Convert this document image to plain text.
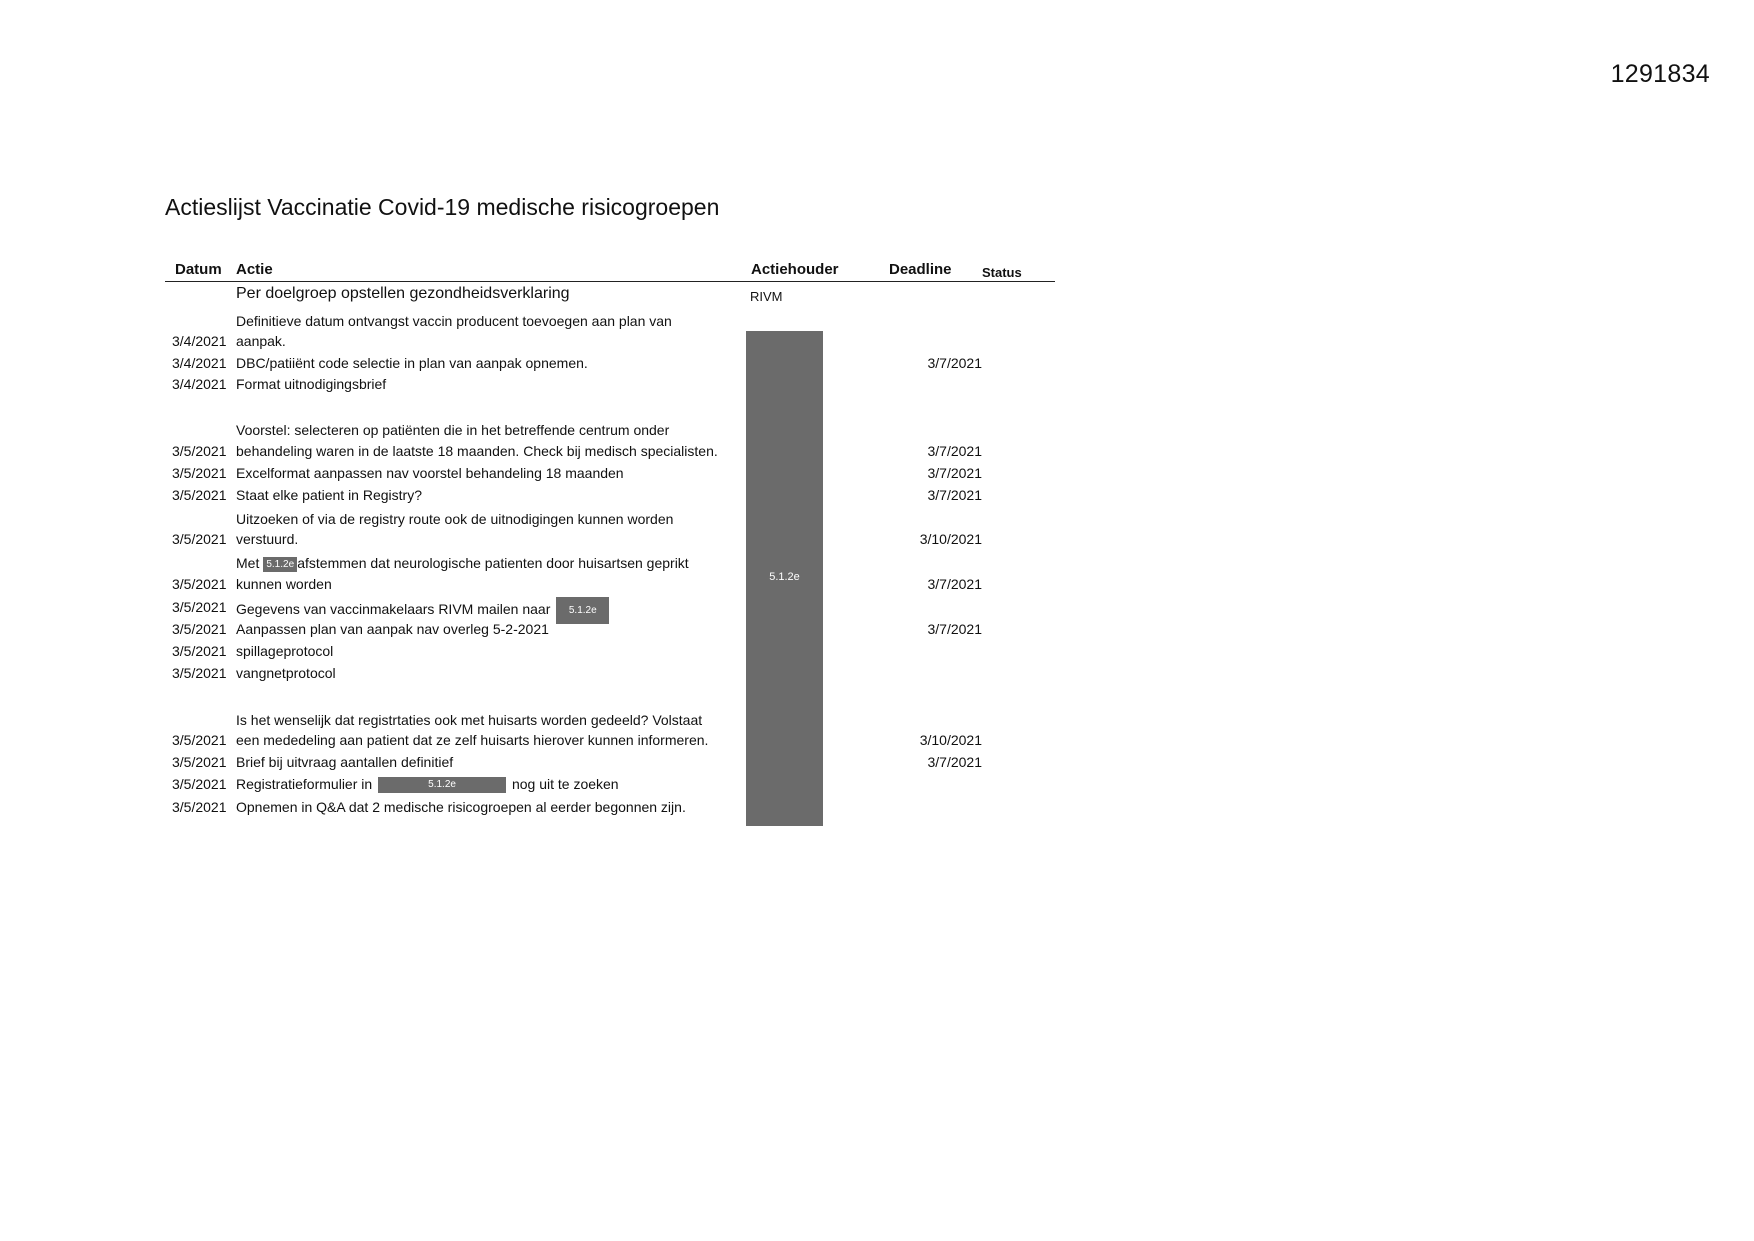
1291834
Actieslijst Vaccinatie Covid-19 medische risicogroepen
Datum Actie	Actiehouder	Deadline Status
Per doelgroep opstellen gezondheidsverklaring	RIVM
5.1.2e
Definitieve datum ontvangst vaccin producent toevoegen aan plan van
3/4/2021 aanpak.
3/4/2021 DBC/patiiënt code selectie in plan van aanpak opnemen.	3/7/2021
3/4/2021 Format uitnodigingsbrief
Voorstel: selecteren op patiënten die in het betreffende centrum onder
3/5/2021 behandeling waren in de laatste 18 maanden. Check bij medisch specialisten.	3/7/2021
3/5/2021 Excelformat aanpassen nav voorstel behandeling 18 maanden	3/7/2021
3/5/2021 Staat elke patient in Registry?	3/7/2021
Uitzoeken of via de registry route ook de uitnodigingen kunnen worden
3/5/2021 verstuurd.	3/10/2021
Met 5.1.2e afstemmen dat neurologische patienten door huisartsen geprikt
3/5/2021 kunnen worden	3/7/2021
3/5/2021 Gegevens van vaccinmakelaars RIVM mailen naar 5.1.2e
3/5/2021 Aanpassen plan van aanpak nav overleg 5-2-2021	3/7/2021
3/5/2021 spillageprotocol
3/5/2021 vangnetprotocol
Is het wenselijk dat registrtaties ook met huisarts worden gedeeld? Volstaat
3/5/2021 een mededeling aan patient dat ze zelf huisarts hierover kunnen informeren.	3/10/2021
3/5/2021 Brief bij uitvraag aantallen definitief	3/7/2021
3/5/2021 Registratieformulier in	5.1.2e	nog uit te zoeken
3/5/2021 Opnemen in Q&A dat 2 medische risicogroepen al eerder begonnen zijn.
